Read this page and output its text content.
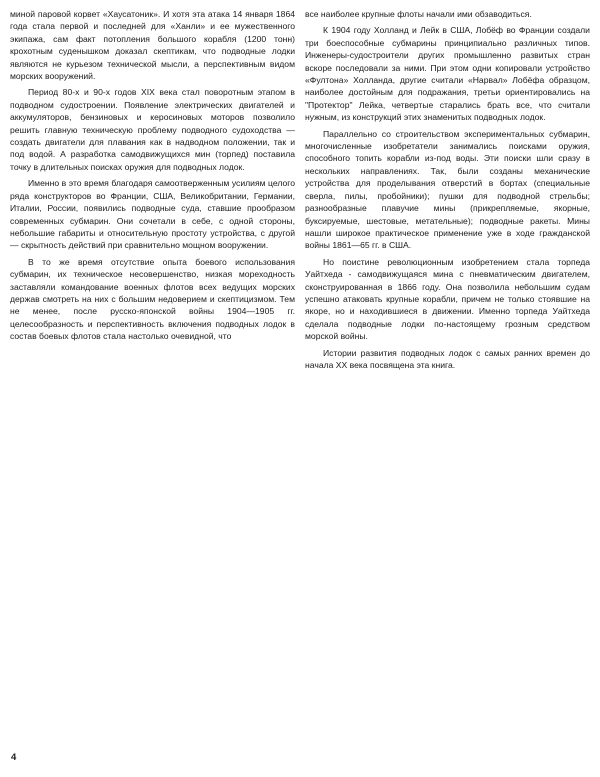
миной паровой корвет «Хаусатоник». И хотя эта атака 14 января 1864 года стала первой и последней для «Ханли» и ее мужественного экипажа, сам факт потопления большого корабля (1200 тонн) крохотным суденышком доказал скептикам, что подводные лодки являются не курьезом технической мысли, а перспективным видом морских вооружений.

Период 80-х и 90-х годов XIX века стал поворотным этапом в подводном судостроении. Появление электрических двигателей и аккумуляторов, бензиновых и керосиновых моторов позволило решить главную техническую проблему подводного судоходства — создать двигатели для плавания как в надводном положении, так и под водой. А разработка самодвижущихся мин (торпед) поставила точку в длительных поисках оружия для подводных лодок.

Именно в это время благодаря самоотверженным усилиям целого ряда конструкторов во Франции, США, Великобритании, Германии, Италии, России, появились подводные суда, ставшие прообразом современных субмарин. Они сочетали в себе, с одной стороны, небольшие габариты и относительную простоту устройства, с другой — скрытность действий при сравнительно мощном вооружении.

В то же время отсутствие опыта боевого использования субмарин, их техническое несовершенство, низкая мореходность заставляли командование военных флотов всех ведущих морских держав смотреть на них с большим недоверием и скептицизмом. Тем не менее, после русско-японской войны 1904—1905 гг. целесообразность и перспективность включения подводных лодок в состав боевых флотов стала настолько очевидной, что

все наиболее крупные флоты начали ими обзаводиться.

К 1904 году Холланд и Лейк в США, Лобёф во Франции создали три боеспособные субмарины принципиально различных типов. Инженеры-судостроители других промышленно развитых стран вскоре последовали за ними. При этом одни копировали устройство «Фултона» Холланда, другие считали «Нарвал» Лобёфа образцом, наиболее достойным для подражания, третьи ориентировались на "Протектор" Лейка, четвертые старались брать все, что считали нужным, из конструкций этих знаменитых подводных лодок.

Параллельно со строительством экспериментальных субмарин, многочисленные изобретатели занимались поисками оружия, способного топить корабли из-под воды. Эти поиски шли сразу в нескольких направлениях. Так, были созданы механические устройства для проделывания отверстий в бортах (специальные сверла, пилы, пробойники); пушки для подводной стрельбы; разнообразные плавучие мины (прикрепляемые, якорные, буксируемые, шестовые, метательные); подводные ракеты. Мины нашли широкое практическое применение уже в ходе гражданской войны 1861—65 гг. в США.

Но поистине революционным изобретением стала торпеда Уайтхеда - самодвижущаяся мина с пневматическим двигателем, сконструированная в 1866 году. Она позволила небольшим судам успешно атаковать крупные корабли, причем не только стоявшие на якоре, но и находившиеся в движении. Именно торпеда Уайтхеда сделала подводные лодки по-настоящему грозным средством морской войны.

Истории развития подводных лодок с самых ранних времен до начала XX века посвящена эта книга.

4
